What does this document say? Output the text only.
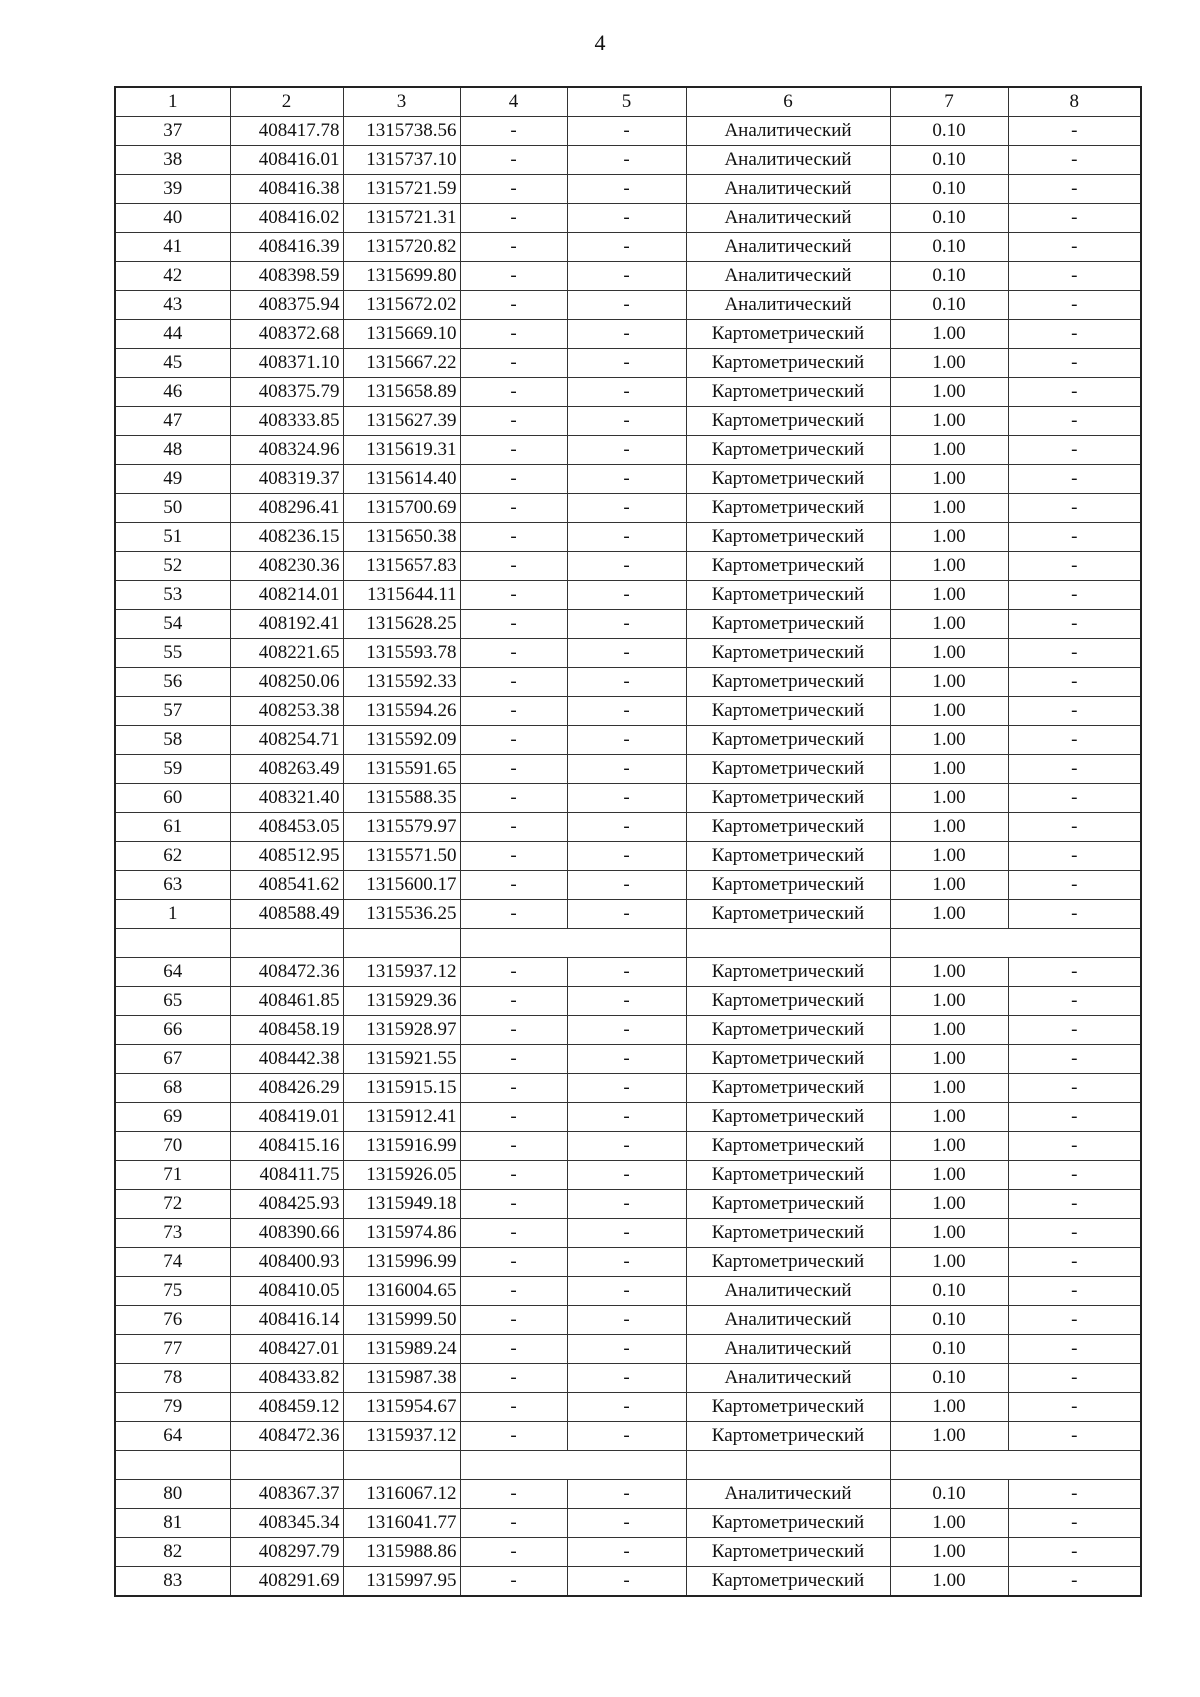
4
1	2	3	4	5	6	7	8
37	408417.78	1315738.56	-	-	Аналитический	0.10	-
38	408416.01	1315737.10	-	-	Аналитический	0.10	-
39	408416.38	1315721.59	-	-	Аналитический	0.10	-
40	408416.02	1315721.31	-	-	Аналитический	0.10	-
41	408416.39	1315720.82	-	-	Аналитический	0.10	-
42	408398.59	1315699.80	-	-	Аналитический	0.10	-
43	408375.94	1315672.02	-	-	Аналитический	0.10	-
44	408372.68	1315669.10	-	-	Картометрический	1.00	-
45	408371.10	1315667.22	-	-	Картометрический	1.00	-
46	408375.79	1315658.89	-	-	Картометрический	1.00	-
47	408333.85	1315627.39	-	-	Картометрический	1.00	-
48	408324.96	1315619.31	-	-	Картометрический	1.00	-
49	408319.37	1315614.40	-	-	Картометрический	1.00	-
50	408296.41	1315700.69	-	-	Картометрический	1.00	-
51	408236.15	1315650.38	-	-	Картометрический	1.00	-
52	408230.36	1315657.83	-	-	Картометрический	1.00	-
53	408214.01	1315644.11	-	-	Картометрический	1.00	-
54	408192.41	1315628.25	-	-	Картометрический	1.00	-
55	408221.65	1315593.78	-	-	Картометрический	1.00	-
56	408250.06	1315592.33	-	-	Картометрический	1.00	-
57	408253.38	1315594.26	-	-	Картометрический	1.00	-
58	408254.71	1315592.09	-	-	Картометрический	1.00	-
59	408263.49	1315591.65	-	-	Картометрический	1.00	-
60	408321.40	1315588.35	-	-	Картометрический	1.00	-
61	408453.05	1315579.97	-	-	Картометрический	1.00	-
62	408512.95	1315571.50	-	-	Картометрический	1.00	-
63	408541.62	1315600.17	-	-	Картометрический	1.00	-
1	408588.49	1315536.25	-	-	Картометрический	1.00	-

64	408472.36	1315937.12	-	-	Картометрический	1.00	-
65	408461.85	1315929.36	-	-	Картометрический	1.00	-
66	408458.19	1315928.97	-	-	Картометрический	1.00	-
67	408442.38	1315921.55	-	-	Картометрический	1.00	-
68	408426.29	1315915.15	-	-	Картометрический	1.00	-
69	408419.01	1315912.41	-	-	Картометрический	1.00	-
70	408415.16	1315916.99	-	-	Картометрический	1.00	-
71	408411.75	1315926.05	-	-	Картометрический	1.00	-
72	408425.93	1315949.18	-	-	Картометрический	1.00	-
73	408390.66	1315974.86	-	-	Картометрический	1.00	-
74	408400.93	1315996.99	-	-	Картометрический	1.00	-
75	408410.05	1316004.65	-	-	Аналитический	0.10	-
76	408416.14	1315999.50	-	-	Аналитический	0.10	-
77	408427.01	1315989.24	-	-	Аналитический	0.10	-
78	408433.82	1315987.38	-	-	Аналитический	0.10	-
79	408459.12	1315954.67	-	-	Картометрический	1.00	-
64	408472.36	1315937.12	-	-	Картометрический	1.00	-

80	408367.37	1316067.12	-	-	Аналитический	0.10	-
81	408345.34	1316041.77	-	-	Картометрический	1.00	-
82	408297.79	1315988.86	-	-	Картометрический	1.00	-
83	408291.69	1315997.95	-	-	Картометрический	1.00	-
